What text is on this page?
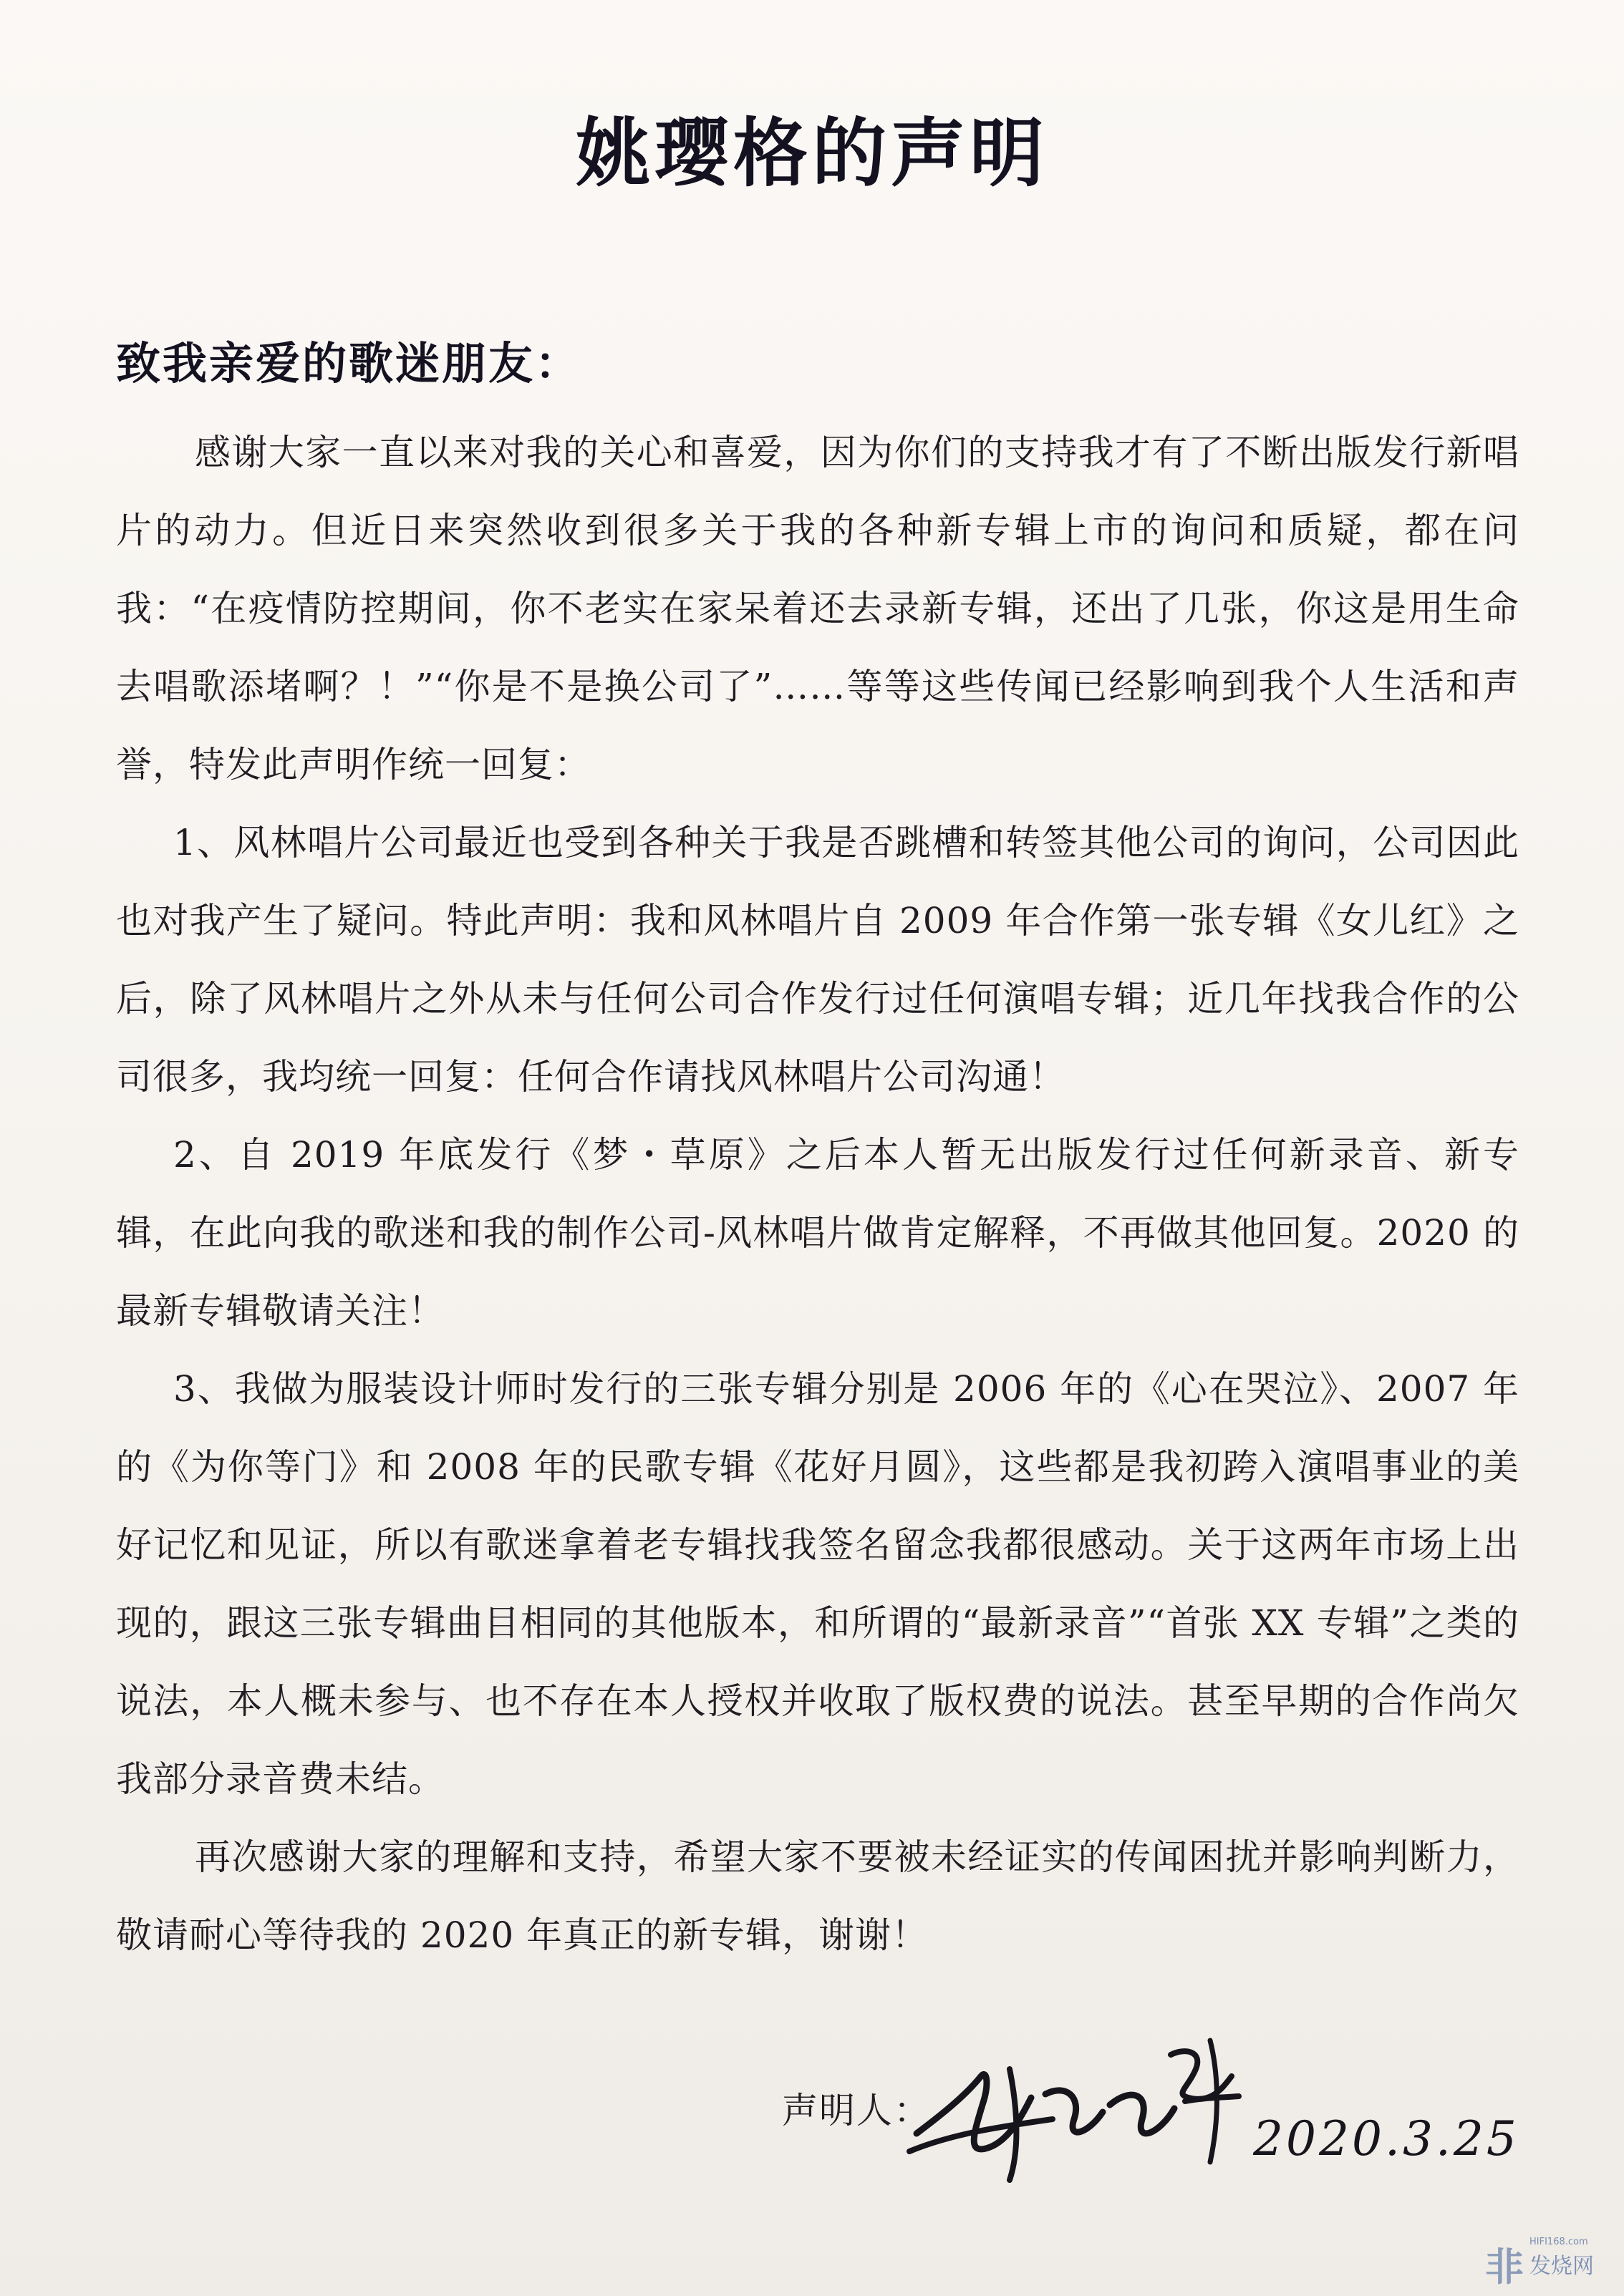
姚璎格的声明
致我亲爱的歌迷朋友：

感谢大家一直以来对我的关心和喜爱，因为你们的支持我才有了不断出版发行新唱片的动力。但近日来突然收到很多关于我的各种新专辑上市的询问和质疑，都在问我：“在疫情防控期间，你不老实在家呆着还去录新专辑，还出了几张，你这是用生命去唱歌添堵啊？！”“你是不是换公司了”……等等这些传闻已经影响到我个人生活和声誉，特发此声明作统一回复：

1、风林唱片公司最近也受到各种关于我是否跳槽和转签其他公司的询问，公司因此也对我产生了疑问。特此声明：我和风林唱片自 2009 年合作第一张专辑《女儿红》之后，除了风林唱片之外从未与任何公司合作发行过任何演唱专辑；近几年找我合作的公司很多，我均统一回复：任何合作请找风林唱片公司沟通！

2、自 2019 年底发行《梦・草原》之后本人暂无出版发行过任何新录音、新专辑，在此向我的歌迷和我的制作公司-风林唱片做肯定解释，不再做其他回复。2020 的最新专辑敬请关注！

3、我做为服装设计师时发行的三张专辑分别是 2006 年的《心在哭泣》、2007 年的《为你等门》和 2008 年的民歌专辑《花好月圆》，这些都是我初跨入演唱事业的美好记忆和见证，所以有歌迷拿着老专辑找我签名留念我都很感动。关于这两年市场上出现的，跟这三张专辑曲目相同的其他版本，和所谓的“最新录音”“首张 XX 专辑”之类的说法，本人概未参与、也不存在本人授权并收取了版权费的说法。甚至早期的合作尚欠我部分录音费未结。

再次感谢大家的理解和支持，希望大家不要被未经证实的传闻困扰并影响判断力，敬请耐心等待我的 2020 年真正的新专辑，谢谢！

声明人：
2020.3.25
非
HIFI168.com
发烧网
